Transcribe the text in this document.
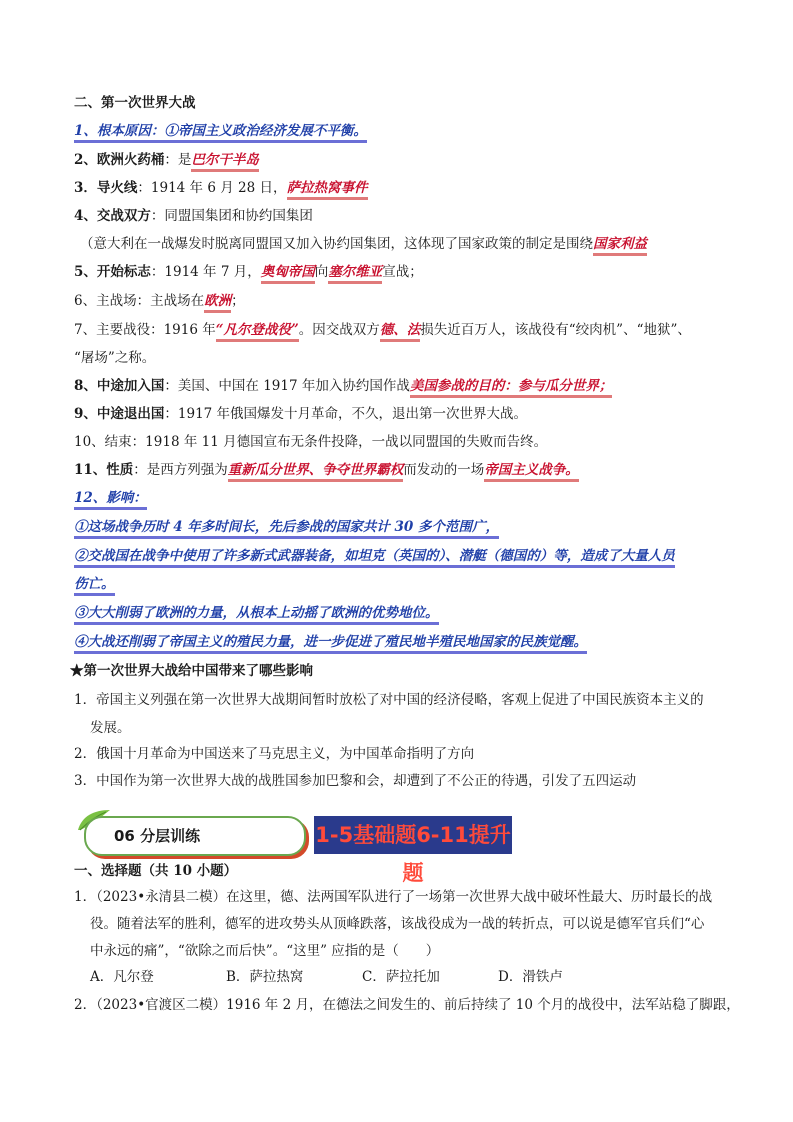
二、第一次世界大战
1、根本原因：①帝国主义政治经济发展不平衡。
2、欧洲火药桶：是巴尔干半岛
3．导火线：1914 年 6 月 28 日，萨拉热窝事件
4、交战双方：同盟国集团和协约国集团
（意大利在一战爆发时脱离同盟国又加入协约国集团，这体现了国家政策的制定是围绕国家利益
5、开始标志：1914 年 7 月，奥匈帝国向塞尔维亚宣战；
6、主战场：主战场在欧洲；
7、主要战役：1916 年“凡尔登战役”。因交战双方德、法损失近百万人，该战役有“绞肉机”、“地狱”、
“屠场”之称。
8、中途加入国：美国、中国在 1917 年加入协约国作战美国参战的目的：参与瓜分世界；
9、中途退出国：1917 年俄国爆发十月革命，不久，退出第一次世界大战。
10、结束：1918 年 11 月德国宣布无条件投降，一战以同盟国的失败而告终。
11、性质：是西方列强为重新瓜分世界、争夺世界霸权而发动的一场帝国主义战争。
12、影响：
①这场战争历时 4 年多时间长，先后参战的国家共计 30 多个范围广，
②交战国在战争中使用了许多新式武器装备，如坦克（英国的）、潜艇（德国的）等，造成了大量人员
伤亡。
③大大削弱了欧洲的力量，从根本上动摇了欧洲的优势地位。
④大战还削弱了帝国主义的殖民力量，进一步促进了殖民地半殖民地国家的民族觉醒。
★第一次世界大战给中国带来了哪些影响
1．帝国主义列强在第一次世界大战期间暂时放松了对中国的经济侵略，客观上促进了中国民族资本主义的
发展。
2．俄国十月革命为中国送来了马克思主义，为中国革命指明了方向
3．中国作为第一次世界大战的战胜国参加巴黎和会，却遭到了不公正的待遇，引发了五四运动
06 分层训练	1-5基础题6-11提升题
一、选择题（共 10 小题）
1．（2023•永清县二模）在这里，德、法两国军队进行了一场第一次世界大战中破坏性最大、历时最长的战
役。随着法军的胜利，德军的进攻势头从顶峰跌落，该战役成为一战的转折点，可以说是德军官兵们“心
中永远的痛”，“欲除之而后快”。“这里” 应指的是（　　）
A．凡尔登	B．萨拉热窝	C．萨拉托加	D．滑铁卢
2．（2023•官渡区二模）1916 年 2 月，在德法之间发生的、前后持续了 10 个月的战役中，法军站稳了脚跟，
